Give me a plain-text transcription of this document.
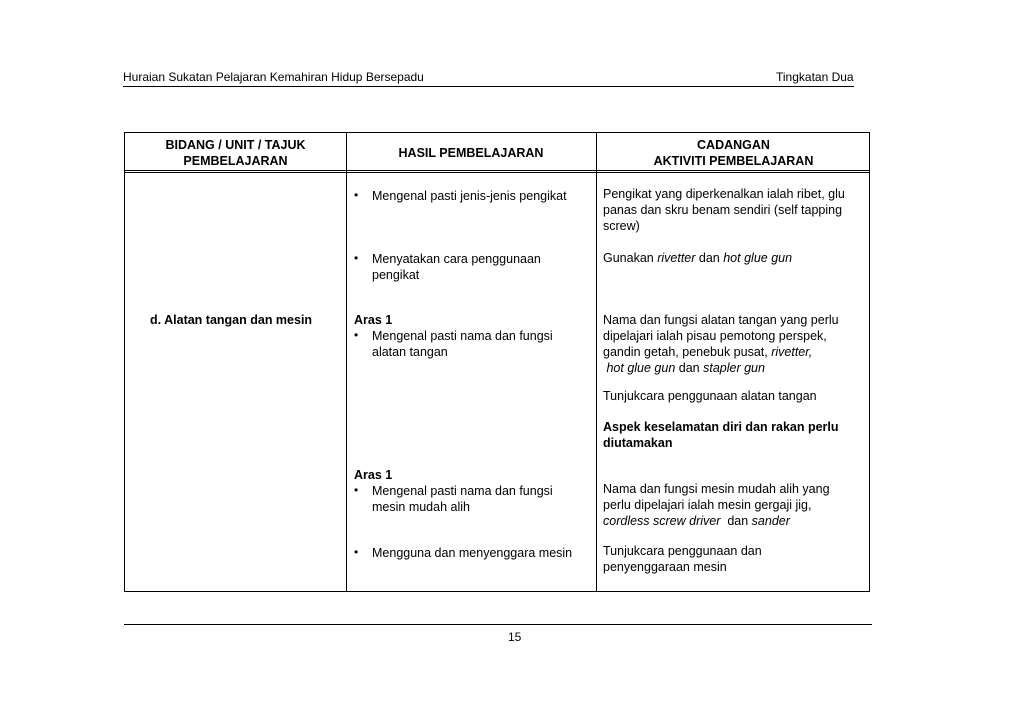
Huraian Sukatan Pelajaran Kemahiran Hidup Bersepadu	Tingkatan Dua
BIDANG / UNIT / TAJUK
PEMBELAJARAN
HASIL PEMBELAJARAN
CADANGAN
AKTIVITI PEMBELAJARAN
d. Alatan tangan dan mesin
• Mengenal pasti jenis-jenis pengikat
• Menyatakan cara penggunaan
pengikat
Aras 1
• Mengenal pasti nama dan fungsi
alatan tangan
Aras 1
• Mengenal pasti nama dan fungsi
mesin mudah alih
• Mengguna dan menyenggara mesin
Pengikat yang diperkenalkan ialah ribet, glu
panas dan skru benam sendiri (self tapping
screw)
Gunakan rivetter dan hot glue gun
Nama dan fungsi alatan tangan yang perlu
dipelajari ialah pisau pemotong perspek,
gandin getah, penebuk pusat, rivetter,
hot glue gun dan stapler gun
Tunjukcara penggunaan alatan tangan
Aspek keselamatan diri dan rakan perlu
diutamakan
Nama dan fungsi mesin mudah alih yang
perlu dipelajari ialah mesin gergaji jig,
cordless screw driver  dan sander
Tunjukcara penggunaan dan
penyenggaraan mesin
15
